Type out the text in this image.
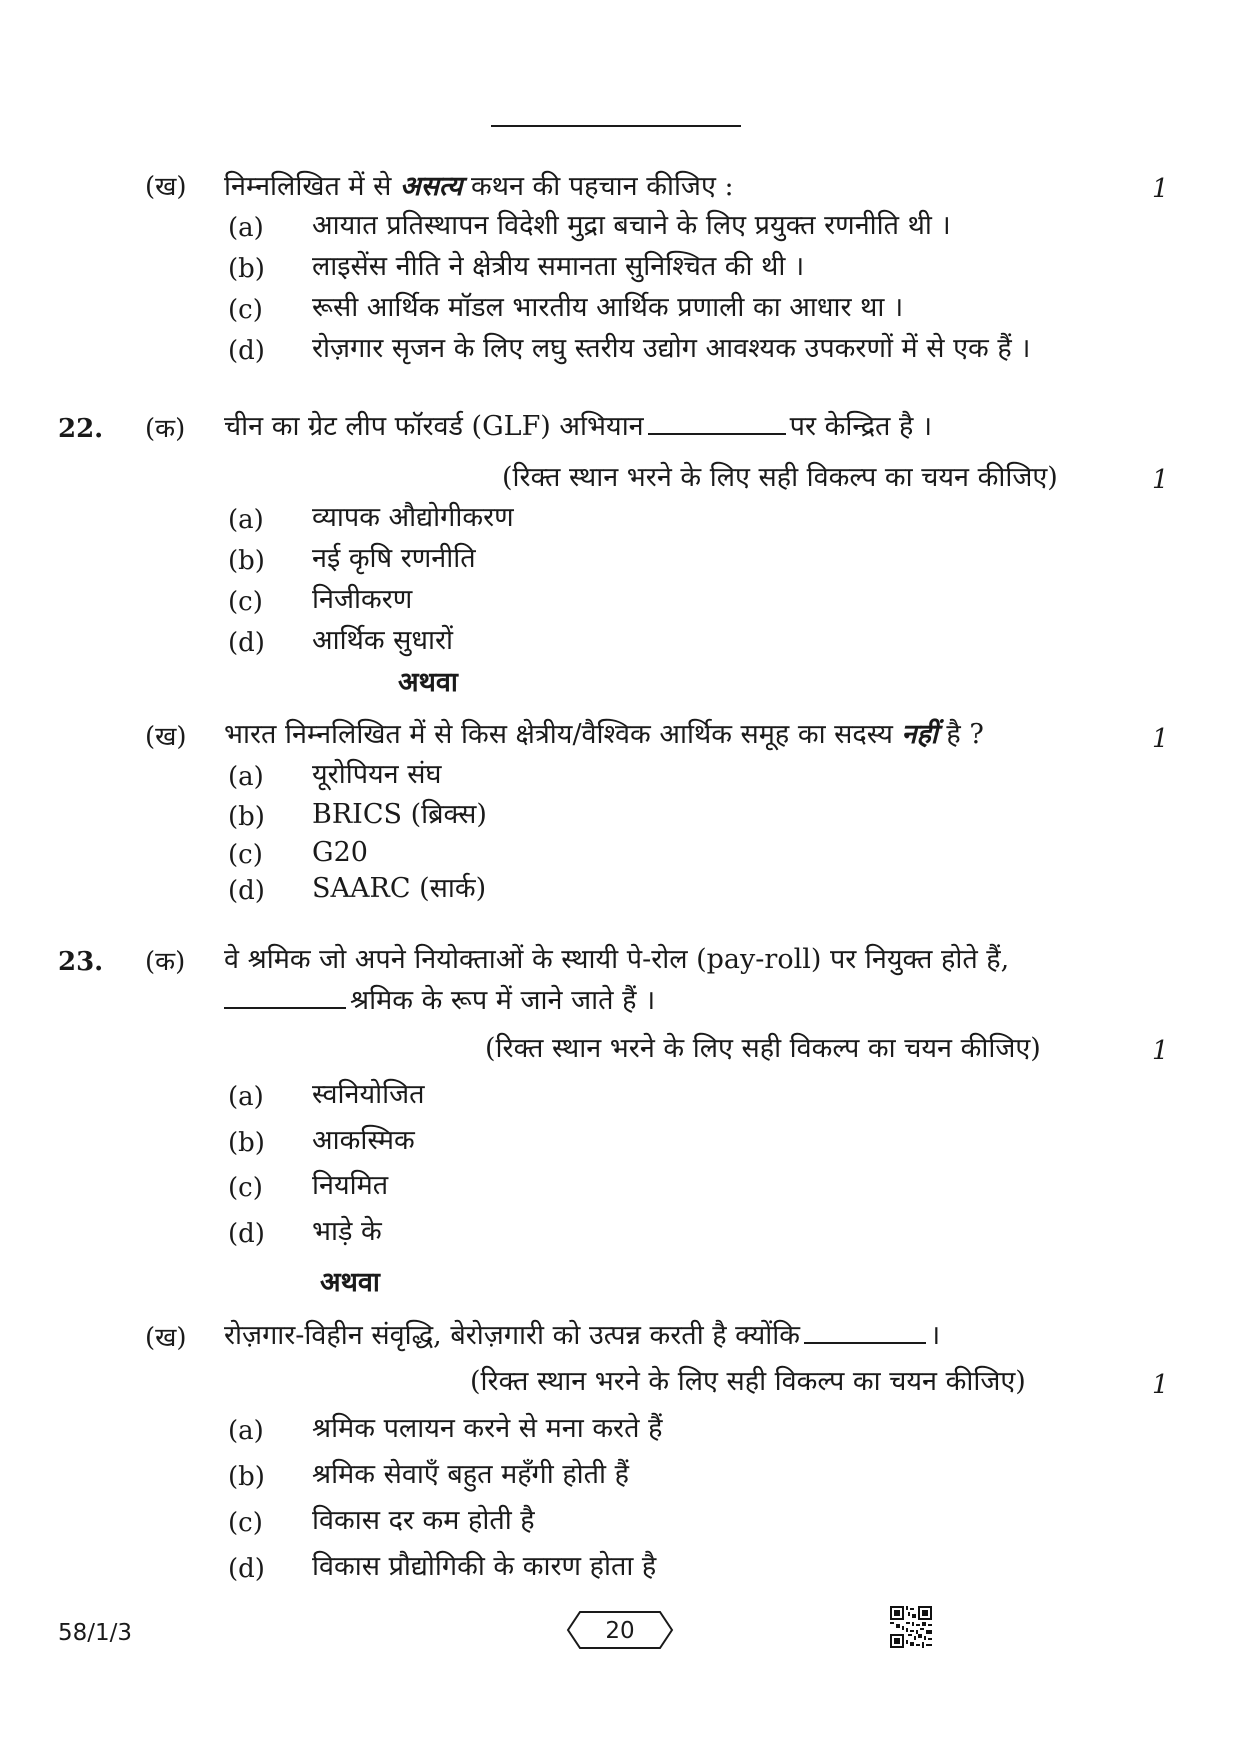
(ख) निम्नलिखित में से असत्य कथन की पहचान कीजिए :	1
(a) आयात प्रतिस्थापन विदेशी मुद्रा बचाने के लिए प्रयुक्त रणनीति थी ।
(b) लाइसेंस नीति ने क्षेत्रीय समानता सुनिश्चित की थी ।
(c) रूसी आर्थिक मॉडल भारतीय आर्थिक प्रणाली का आधार था ।
(d) रोज़गार सृजन के लिए लघु स्तरीय उद्योग आवश्यक उपकरणों में से एक हैं ।
22. (क) चीन का ग्रेट लीप फॉरवर्ड (GLF) अभियान	पर केन्द्रित है ।
(रिक्त स्थान भरने के लिए सही विकल्प का चयन कीजिए)	1
(a) व्यापक औद्योगीकरण
(b) नई कृषि रणनीति
(c) निजीकरण
(d) आर्थिक सुधारों
अथवा
(ख) भारत निम्नलिखित में से किस क्षेत्रीय/वैश्विक आर्थिक समूह का सदस्य नहीं है ?	1
(a) यूरोपियन संघ
(b) BRICS (ब्रिक्स)
(c) G20
(d) SAARC (सार्क)
23. (क) वे श्रमिक जो अपने नियोक्ताओं के स्थायी पे-रोल (pay-roll) पर नियुक्त होते हैं,
श्रमिक के रूप में जाने जाते हैं ।
(रिक्त स्थान भरने के लिए सही विकल्प का चयन कीजिए)	1
(a) स्वनियोजित
(b) आकस्मिक
(c) नियमित
(d) भाड़े के
अथवा
(ख) रोज़गार-विहीन संवृद्धि, बेरोज़गारी को उत्पन्न करती है क्योंकि	।
(रिक्त स्थान भरने के लिए सही विकल्प का चयन कीजिए)	1
(a) श्रमिक पलायन करने से मना करते हैं
(b) श्रमिक सेवाएँ बहुत महँगी होती हैं
(c) विकास दर कम होती है
(d) विकास प्रौद्योगिकी के कारण होता है
58/1/3	20
